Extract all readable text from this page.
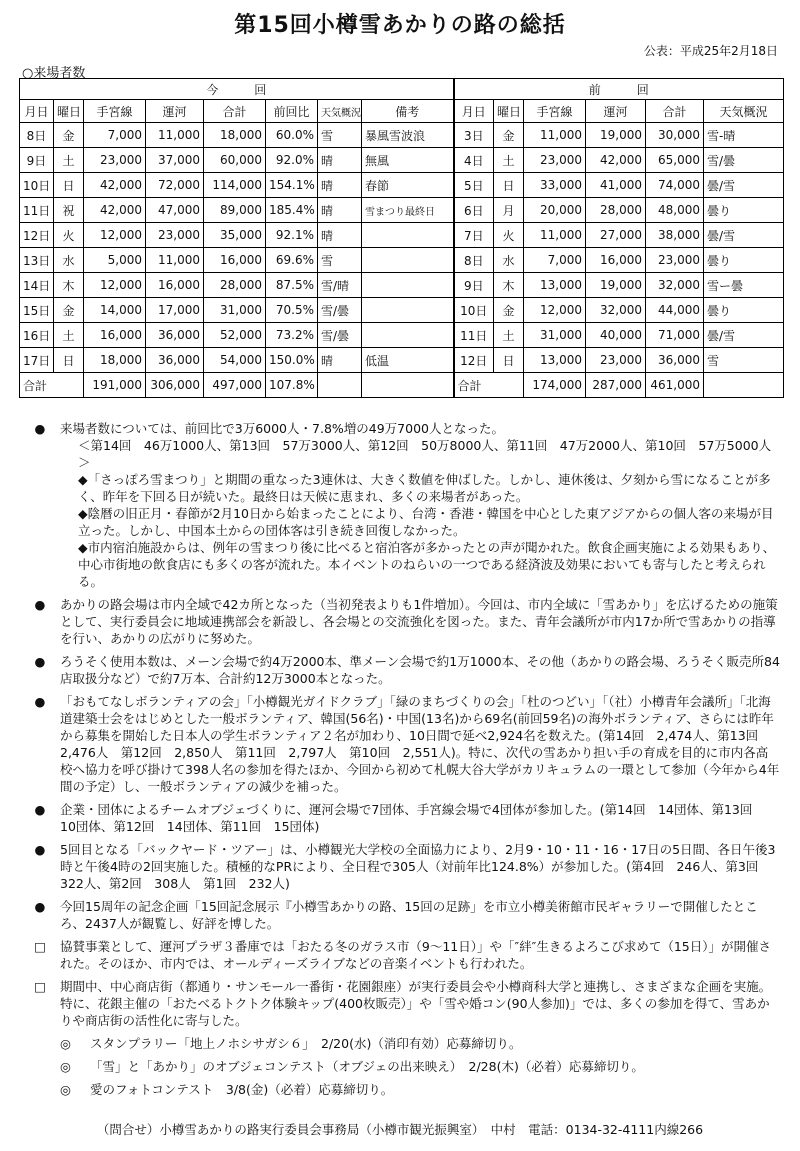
第15回小樽雪あかりの路の総括
公表：平成25年2月18日
○来場者数
今　　　回								前　　　回					
月日	曜日	手宮線	運河	合計	前回比	天気概況	備考	月日	曜日	手宮線	運河	合計	天気概況
8日	金	7,000	11,000	18,000	60.0%	雪	暴風雪波浪	3日	金	11,000	19,000	30,000	雪-晴
9日	土	23,000	37,000	60,000	92.0%	晴	無風	4日	土	23,000	42,000	65,000	雪/曇
10日	日	42,000	72,000	114,000	154.1%	晴	春節	5日	日	33,000	41,000	74,000	曇/雪
11日	祝	42,000	47,000	89,000	185.4%	晴	雪まつり最終日	6日	月	20,000	28,000	48,000	曇り
12日	火	12,000	23,000	35,000	92.1%	晴		7日	火	11,000	27,000	38,000	曇/雪
13日	水	5,000	11,000	16,000	69.6%	雪		8日	水	7,000	16,000	23,000	曇り
14日	木	12,000	16,000	28,000	87.5%	雪/晴		9日	木	13,000	19,000	32,000	雪ー曇
15日	金	14,000	17,000	31,000	70.5%	雪/曇		10日	金	12,000	32,000	44,000	曇り
16日	土	16,000	36,000	52,000	73.2%	雪/曇		11日	土	31,000	40,000	71,000	曇/雪
17日	日	18,000	36,000	54,000	150.0%	晴	低温	12日	日	13,000	23,000	36,000	雪
合計		191,000	306,000	497,000	107.8%			合計		174,000	287,000	461,000	
●	来場者数については、前回比で3万6000人・7.8%増の49万7000人となった。
＜第14回　46万1000人、第13回　57万3000人、第12回　50万8000人、第11回　47万2000人、第10回　57万5000人＞
◆「さっぽろ雪まつり」と期間の重なった3連休は、大きく数値を伸ばした。しかし、連休後は、夕刻から雪になることが多く、昨年を下回る日が続いた。最終日は天候に恵まれ、多くの来場者があった。
◆陰暦の旧正月・春節が2月10日から始まったことにより、台湾・香港・韓国を中心とした東アジアからの個人客の来場が目立った。しかし、中国本土からの団体客は引き続き回復しなかった。
◆市内宿泊施設からは、例年の雪まつり後に比べると宿泊客が多かったとの声が聞かれた。飲食企画実施による効果もあり、中心市街地の飲食店にも多くの客が流れた。本イベントのねらいの一つである経済波及効果においても寄与したと考えられる。
●	あかりの路会場は市内全域で42カ所となった（当初発表よりも1件増加）。今回は、市内全域に「雪あかり」を広げるための施策として、実行委員会に地域連携部会を新設し、各会場との交流強化を図った。また、青年会議所が市内17か所で雪あかりの指導を行い、あかりの広がりに努めた。
●	ろうそく使用本数は、メーン会場で約4万2000本、準メーン会場で約1万1000本、その他（あかりの路会場、ろうそく販売所84店取扱分など）で約7万本、合計約12万3000本となった。
●	「おもてなしボランティアの会」「小樽観光ガイドクラブ」「緑のまちづくりの会」「杜のつどい」「（社）小樽青年会議所」「北海道建築士会をはじめとした一般ボランティア、韓国(56名)・中国(13名)から69名(前回59名)の海外ボランティア、さらには昨年から募集を開始した日本人の学生ボランティア２名が加わり、10日間で延べ2,924名を数えた。(第14回　2,474人、第13回　2,476人　第12回　2,850人　第11回　2,797人　第10回　2,551人)。特に、次代の雪あかり担い手の育成を目的に市内各高校へ協力を呼び掛けて398人名の参加を得たほか、今回から初めて札幌大谷大学がカリキュラムの一環として参加（今年から4年間の予定）し、一般ボランティアの減少を補った。
●	企業・団体によるチームオブジェづくりに、運河会場で7団体、手宮線会場で4団体が参加した。(第14回　14団体、第13回　10団体、第12回　14団体、第11回　15団体)
●	5回目となる「バックヤード・ツアー」は、小樽観光大学校の全面協力により、2月9・10・11・16・17日の5日間、各日午後3時と午後4時の2回実施した。積極的なPRにより、全日程で305人（対前年比124.8%）が参加した。(第4回　246人、第3回　322人、第2回　308人　第1回　232人)
●	今回15周年の記念企画「15回記念展示『小樽雪あかりの路、15回の足跡」を市立小樽美術館市民ギャラリーで開催したところ、2437人が観覧し、好評を博した。
□	協賛事業として、運河プラザ３番庫では「おたる冬のガラス市（9～11日）」や「″絆″生きるよろこび求めて（15日）」が開催された。そのほか、市内では、オールディーズライブなどの音楽イベントも行われた。
□	期間中、中心商店街（都通り・サンモール一番街・花園銀座）が実行委員会や小樽商科大学と連携し、さまざまな企画を実施。特に、花銀主催の「おたべるトクトク体験キップ(400枚販売）」や「雪や婚コン(90人参加)」では、多くの参加を得て、雪あかりや商店街の活性化に寄与した。
◎ スタンプラリー「地上ノホシサガシ６」　2/20(水)（消印有効）応募締切り。
◎ 「雪」と「あかり」のオブジェコンテスト（オブジェの出来映え）　2/28(木)（必着）応募締切り。
◎ 愛のフォトコンテスト　3/8(金)（必着）応募締切り。
（問合せ）小樽雪あかりの路実行委員会事務局（小樽市観光振興室）　中村　電話：0134-32-4111内線266
